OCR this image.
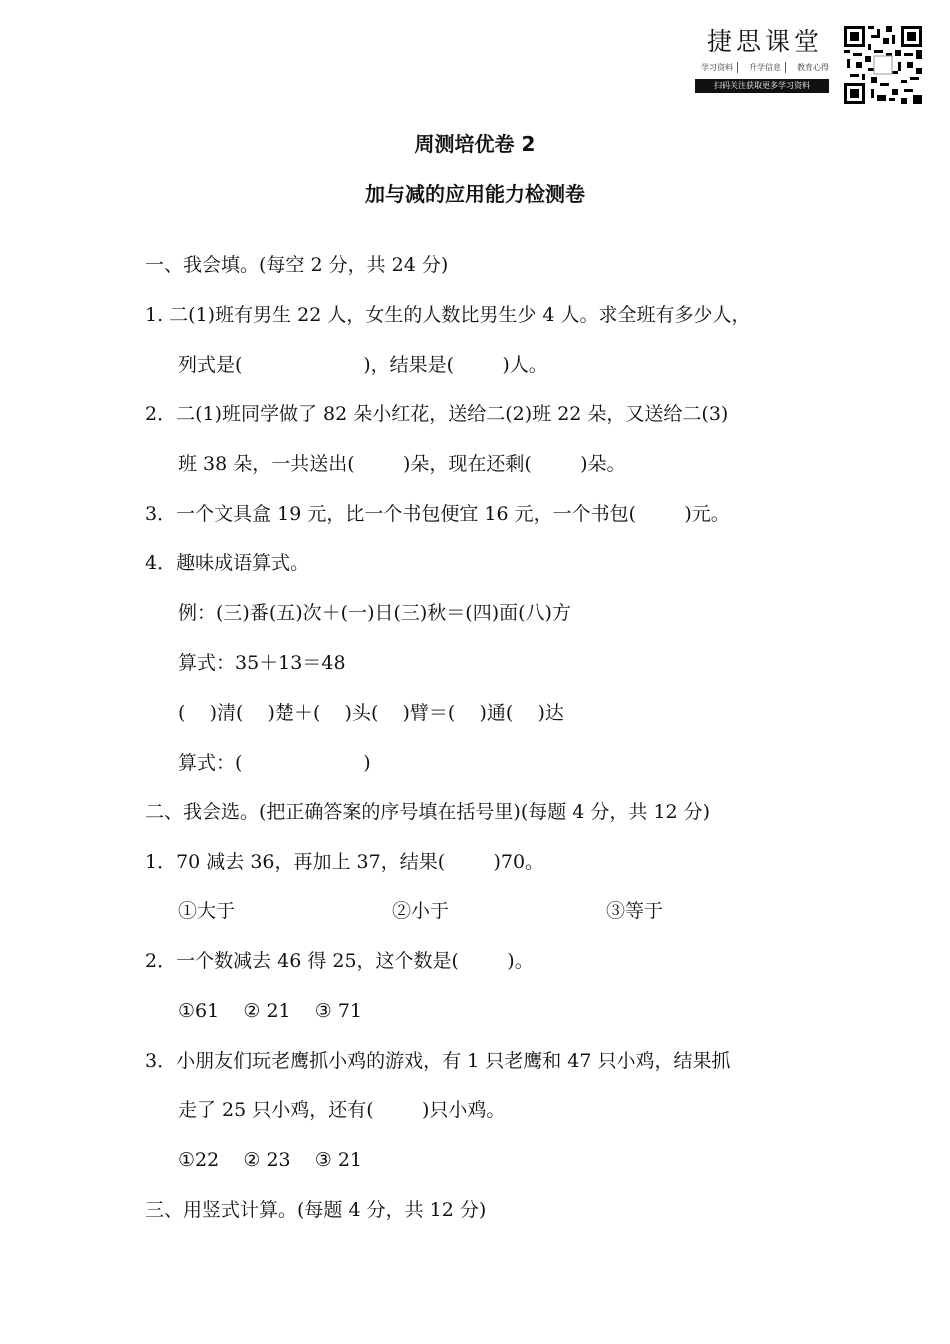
捷思课堂
学习资料	升学信息	教育心得
扫码关注获取更多学习资料
周测培优卷 2
加与减的应用能力检测卷
一、我会填。(每空 2 分，共 24 分)
1. 二(1)班有男生 22 人，女生的人数比男生少 4 人。求全班有多少人，
列式是(                    )，结果是(        )人。
2．二(1)班同学做了 82 朵小红花，送给二(2)班 22 朵，又送给二(3)
班 38 朵，一共送出(        )朵，现在还剩(        )朵。
3．一个文具盒 19 元，比一个书包便宜 16 元，一个书包(        )元。
4．趣味成语算式。
例：(三)番(五)次＋(一)日(三)秋＝(四)面(八)方
算式：35＋13＝48
(    )清(    )楚＋(    )头(    )臂＝(    )通(    )达
算式：(                    )
二、我会选。(把正确答案的序号填在括号里)(每题 4 分，共 12 分)
1．70 减去 36，再加上 37，结果(        )70。
①大于                          ②小于                          ③等于
2．一个数减去 46 得 25，这个数是(        )。
①61    ② 21    ③ 71
3．小朋友们玩老鹰抓小鸡的游戏，有 1 只老鹰和 47 只小鸡，结果抓
走了 25 只小鸡，还有(        )只小鸡。
①22    ② 23    ③ 21
三、用竖式计算。(每题 4 分，共 12 分)
